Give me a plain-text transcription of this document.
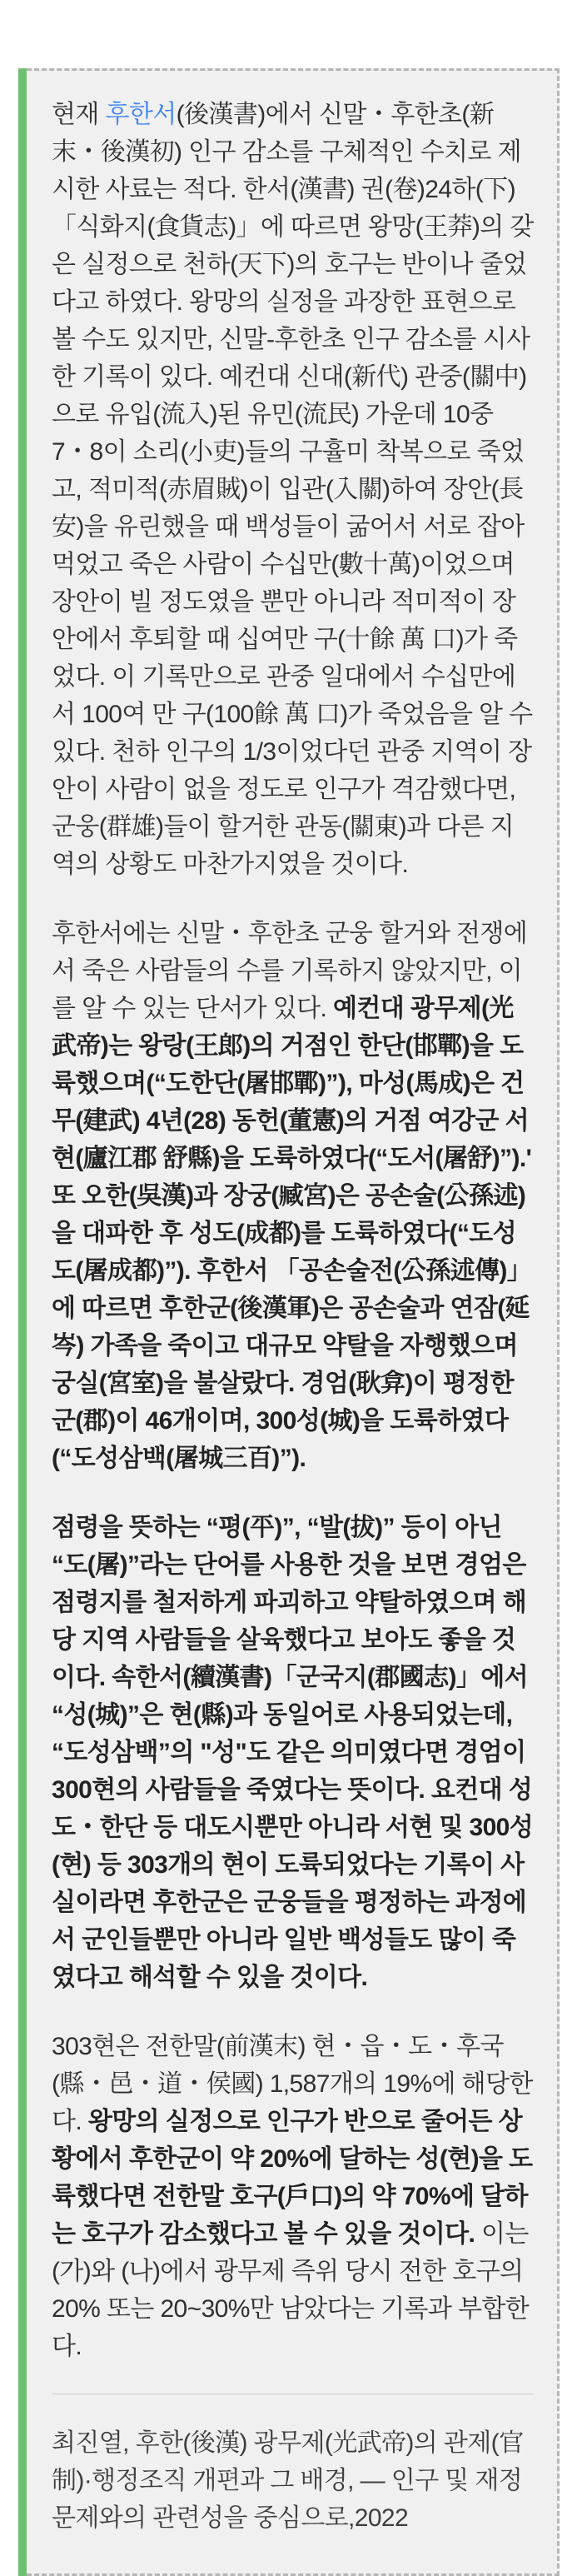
현재 후한서(後漢書)에서 신말・후한초(新末・後漢初) 인구 감소를 구체적인 수치로 제시한 사료는 적다. 한서(漢書) 권(卷)24하(下) 「식화지(食貨志)」에 따르면 왕망(王莽)의 갖은 실정으로 천하(天下)의 호구는 반이나 줄었다고 하였다. 왕망의 실정을 과장한 표현으로 볼 수도 있지만, 신말-후한초 인구 감소를 시사한 기록이 있다. 예컨대 신대(新代) 관중(關中)으로 유입(流入)된 유민(流民) 가운데 10중 7・8이 소리(小吏)들의 구휼미 착복으로 죽었고, 적미적(赤眉賊)이 입관(入關)하여 장안(長安)을 유린했을 때 백성들이 굶어서 서로 잡아먹었고 죽은 사람이 수십만(數十萬)이었으며 장안이 빌 정도였을 뿐만 아니라 적미적이 장안에서 후퇴할 때 십여만 구(十餘 萬 口)가 죽었다. 이 기록만으로 관중 일대에서 수십만에서 100여 만 구(100餘 萬 口)가 죽었음을 알 수 있다. 천하 인구의 1/3이었다던 관중 지역이 장안이 사람이 없을 정도로 인구가 격감했다면, 군웅(群雄)들이 할거한 관동(關東)과 다른 지역의 상황도 마찬가지였을 것이다.

후한서에는 신말・후한초 군웅 할거와 전쟁에서 죽은 사람들의 수를 기록하지 않았지만, 이를 알 수 있는 단서가 있다. 예컨대 광무제(光武帝)는 왕랑(王郞)의 거점인 한단(邯鄲)을 도륙했으며(“도한단(屠邯鄲)”), 마성(馬成)은 건무(建武) 4년(28) 동헌(董憲)의 거점 여강군 서현(廬江郡 舒縣)을 도륙하였다(“도서(屠舒)”).' 또 오한(吳漢)과 장궁(臧宮)은 공손술(公孫述)을 대파한 후 성도(成都)를 도륙하였다(“도성도(屠成都)”). 후한서 「공손술전(公孫述傳)」에 따르면 후한군(後漢軍)은 공손술과 연잠(延岑) 가족을 죽이고 대규모 약탈을 자행했으며 궁실(宮室)을 불살랐다. 경엄(耿弇)이 평정한 군(郡)이 46개이며, 300성(城)을 도륙하였다(“도성삼백(屠城三百)”).

점령을 뜻하는 “평(平)”, “발(拔)” 등이 아닌 “도(屠)”라는 단어를 사용한 것을 보면 경엄은 점령지를 철저하게 파괴하고 약탈하였으며 해당 지역 사람들을 살육했다고 보아도 좋을 것이다. 속한서(續漢書)「군국지(郡國志)」에서 “성(城)”은 현(縣)과 동일어로 사용되었는데, “도성삼백”의 "성"도 같은 의미였다면 경엄이 300현의 사람들을 죽였다는 뜻이다. 요컨대 성도・한단 등 대도시뿐만 아니라 서현 및 300성(현) 등 303개의 현이 도륙되었다는 기록이 사실이라면 후한군은 군웅들을 평정하는 과정에서 군인들뿐만 아니라 일반 백성들도 많이 죽였다고 해석할 수 있을 것이다.

303현은 전한말(前漢末) 현・읍・도・후국(縣・邑・道・侯國) 1,587개의 19%에 해당한다. 왕망의 실정으로 인구가 반으로 줄어든 상황에서 후한군이 약 20%에 달하는 성(현)을 도륙했다면 전한말 호구(戶口)의 약 70%에 달하는 호구가 감소했다고 볼 수 있을 것이다. 이는 (가)와 (나)에서 광무제 즉위 당시 전한 호구의 20% 또는 20~30%만 남았다는 기록과 부합한다.

최진열, 후한(後漢) 광무제(光武帝)의 관제(官制)·행정조직 개편과 그 배경, — 인구 및 재정문제와의 관련성을 중심으로,2022
